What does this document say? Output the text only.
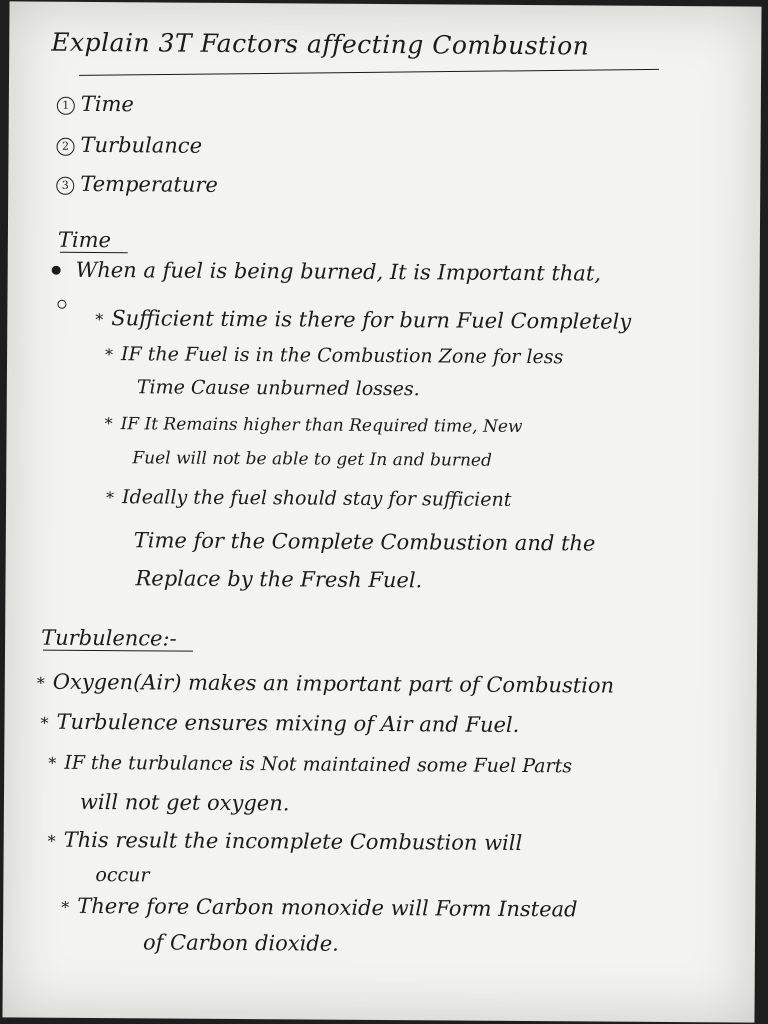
Explain 3T Factors affecting Combustion
1 Time
2 Turbulance
3 Temperature
Time
When a fuel is being burned, It is Important that,
* Sufficient time is there for burn Fuel Completely
* IF the Fuel is in the Combustion Zone for less
Time Cause unburned losses.
* IF It Remains higher than Required time, New
Fuel will not be able to get In and burned
* Ideally the fuel should stay for sufficient
Time for the Complete Combustion and the
Replace by the Fresh Fuel.
Turbulence:-
* Oxygen(Air) makes an important part of Combustion
* Turbulence ensures mixing of Air and Fuel.
* IF the turbulance is Not maintained some Fuel Parts
will not get oxygen.
* This result the incomplete Combustion will
occur
* There fore Carbon monoxide will Form Instead
of Carbon dioxide.
